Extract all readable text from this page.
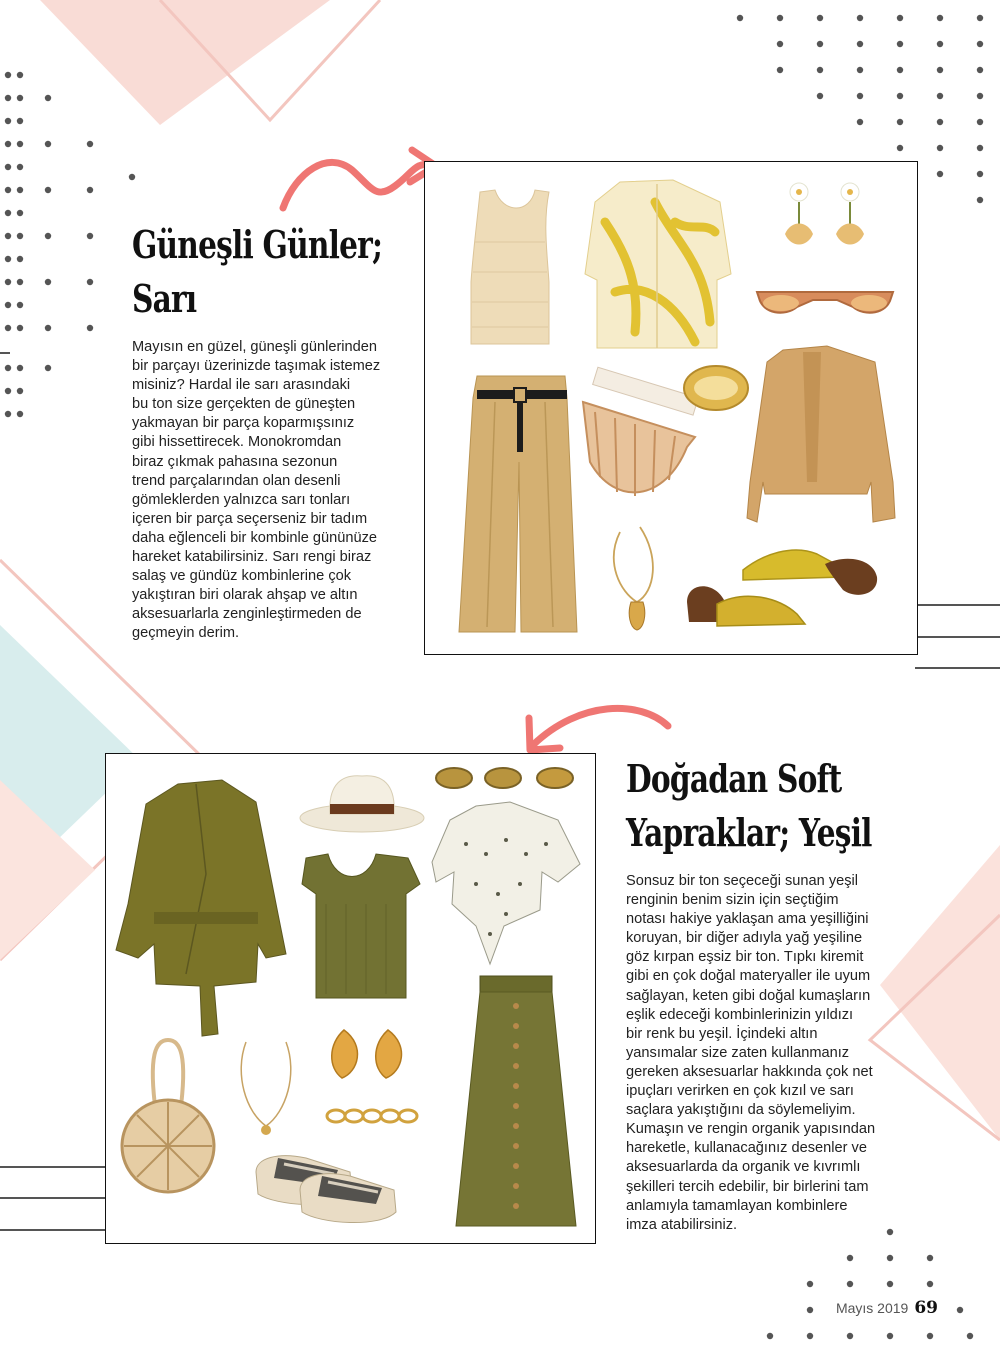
Güneşli Günler;
Sarı
Mayısın en güzel, güneşli günlerinden
bir parçayı üzerinizde taşımak istemez
misiniz? Hardal ile sarı arasındaki
bu ton size gerçekten de güneşten
yakmayan bir parça koparmışsınız
gibi hissettirecek. Monokromdan
biraz çıkmak pahasına sezonun
trend parçalarından olan desenli
gömleklerden yalnızca sarı tonları
içeren bir parça seçerseniz bir tadım
daha eğlenceli bir kombinle gününüze
hareket katabilirsiniz. Sarı rengi biraz
salaş ve gündüz kombinlerine çok
yakıştıran biri olarak ahşap ve altın
aksesuarlarla zenginleştirmeden de
geçmeyin derim.
Doğadan Soft
Yapraklar; Yeşil
Sonsuz bir ton seçeceği sunan yeşil
renginin benim sizin için seçtiğim
notası hakiye yaklaşan ama yeşilliğini
koruyan, bir diğer adıyla yağ yeşiline
göz kırpan eşsiz bir ton. Tıpkı kiremit
gibi en çok doğal materyaller ile uyum
sağlayan, keten gibi doğal kumaşların
eşlik edeceği kombinlerinizin yıldızı
bir renk bu yeşil. İçindeki altın
yansımalar size zaten kullanmanız
gereken aksesuarlar hakkında çok net
ipuçları verirken en çok kızıl ve sarı
saçlara yakıştığını da söylemeliyim.
Kumaşın ve rengin organik yapısından
hareketle, kullanacağınız desenler ve
aksesuarlarda da organik ve kıvrımlı
şekilleri tercih edebilir, bir birlerini tam
anlamıyla tamamlayan kombinlere
imza atabilirsiniz.
Mayıs 2019 69
